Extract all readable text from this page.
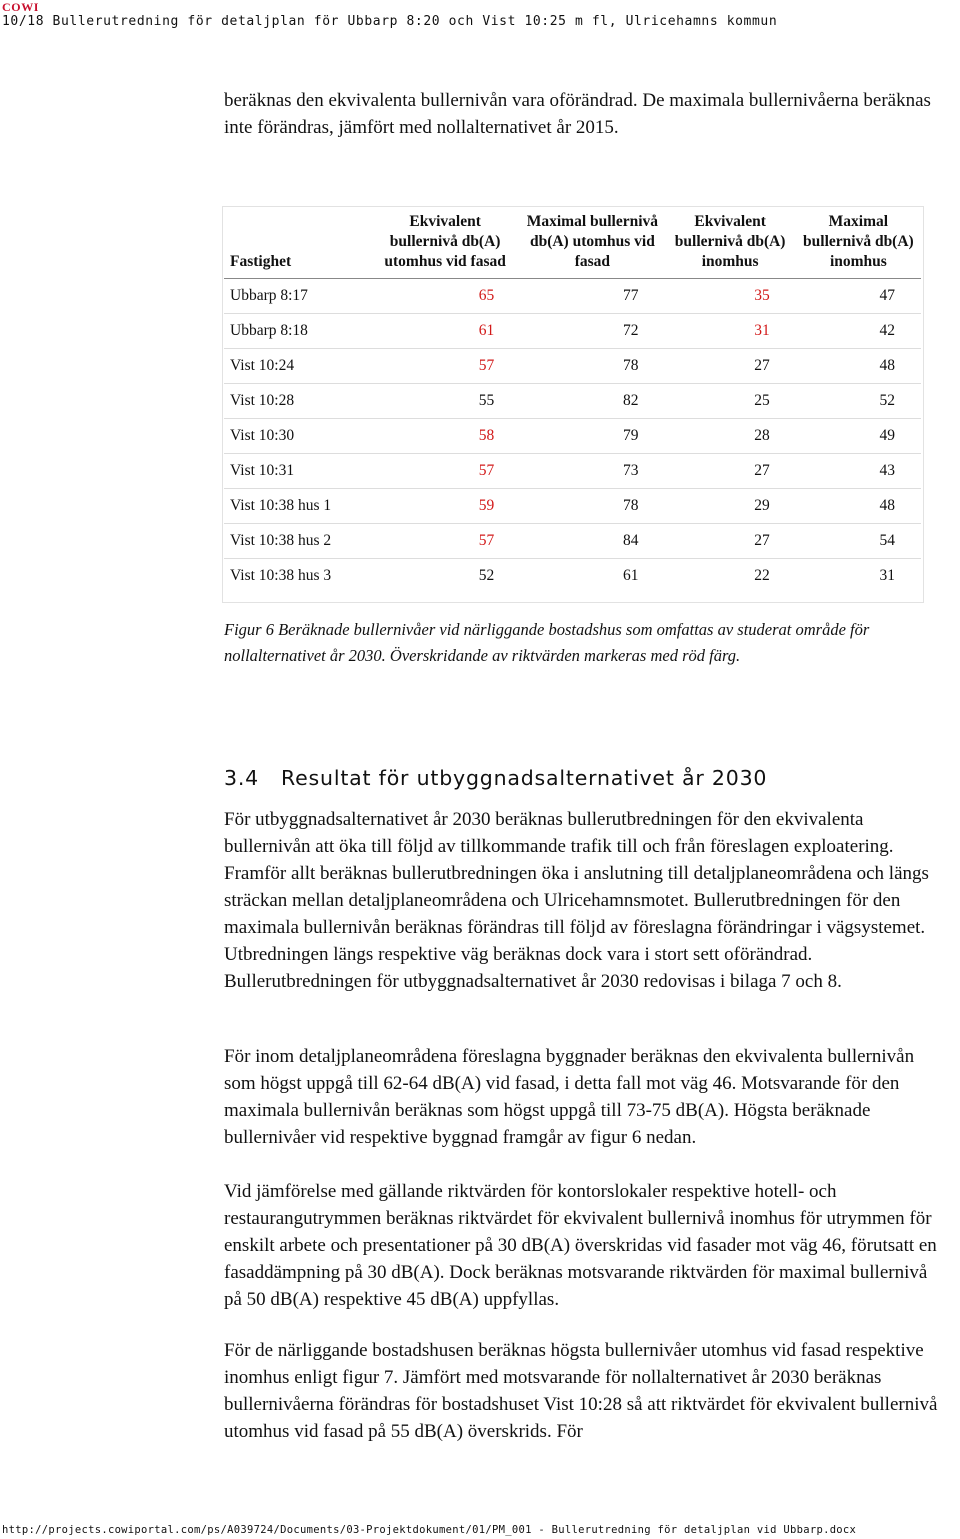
COWI
10/18 Bullerutredning för detaljplan för Ubbarp 8:20 och Vist 10:25 m fl, Ulricehamns kommun
beräknas den ekvivalenta bullernivån vara oförändrad. De maximala bullernivåerna beräknas inte förändras, jämfört med nollalternativet år 2015.
Fastighet	Ekvivalent bullernivå db(A) utomhus vid fasad	Maximal bullernivå db(A) utomhus vid fasad	Ekvivalent bullernivå db(A) inomhus	Maximal bullernivå db(A) inomhus
Ubbarp 8:17	65	77	35	47
Ubbarp 8:18	61	72	31	42
Vist 10:24	57	78	27	48
Vist 10:28	55	82	25	52
Vist 10:30	58	79	28	49
Vist 10:31	57	73	27	43
Vist 10:38 hus 1	59	78	29	48
Vist 10:38 hus 2	57	84	27	54
Vist 10:38 hus 3	52	61	22	31
Figur 6 Beräknade bullernivåer vid närliggande bostadshus som omfattas av studerat område för nollalternativet år 2030. Överskridande av riktvärden markeras med röd färg.
3.4 Resultat för utbyggnadsalternativet år 2030
För utbyggnadsalternativet år 2030 beräknas bullerutbredningen för den ekvivalenta bullernivån att öka till följd av tillkommande trafik till och från föreslagen exploatering. Framför allt beräknas bullerutbredningen öka i anslutning till detaljplaneområdena och längs sträckan mellan detaljplaneområdena och Ulricehamnsmotet. Bullerutbredningen för den maximala bullernivån beräknas förändras till följd av föreslagna förändringar i vägsystemet. Utbredningen längs respektive väg beräknas dock vara i stort sett oförändrad. Bullerutbredningen för utbyggnadsalternativet år 2030 redovisas i bilaga 7 och 8.
För inom detaljplaneområdena föreslagna byggnader beräknas den ekvivalenta bullernivån som högst uppgå till 62-64 dB(A) vid fasad, i detta fall mot väg 46. Motsvarande för den maximala bullernivån beräknas som högst uppgå till 73-75 dB(A). Högsta beräknade bullernivåer vid respektive byggnad framgår av figur 6 nedan.
Vid jämförelse med gällande riktvärden för kontorslokaler respektive hotell- och restaurangutrymmen beräknas riktvärdet för ekvivalent bullernivå inomhus för utrymmen för enskilt arbete och presentationer på 30 dB(A) överskridas vid fasader mot väg 46, förutsatt en fasaddämpning på 30 dB(A). Dock beräknas motsvarande riktvärden för maximal bullernivå på 50 dB(A) respektive 45 dB(A) uppfyllas.
För de närliggande bostadshusen beräknas högsta bullernivåer utomhus vid fasad respektive inomhus enligt figur 7. Jämfört med motsvarande för nollalternativet år 2030 beräknas bullernivåerna förändras för bostadshuset Vist 10:28 så att riktvärdet för ekvivalent bullernivå utomhus vid fasad på 55 dB(A) överskrids. För
http://projects.cowiportal.com/ps/A039724/Documents/03-Projektdokument/01/PM_001 - Bullerutredning för detaljplan vid Ubbarp.docx
